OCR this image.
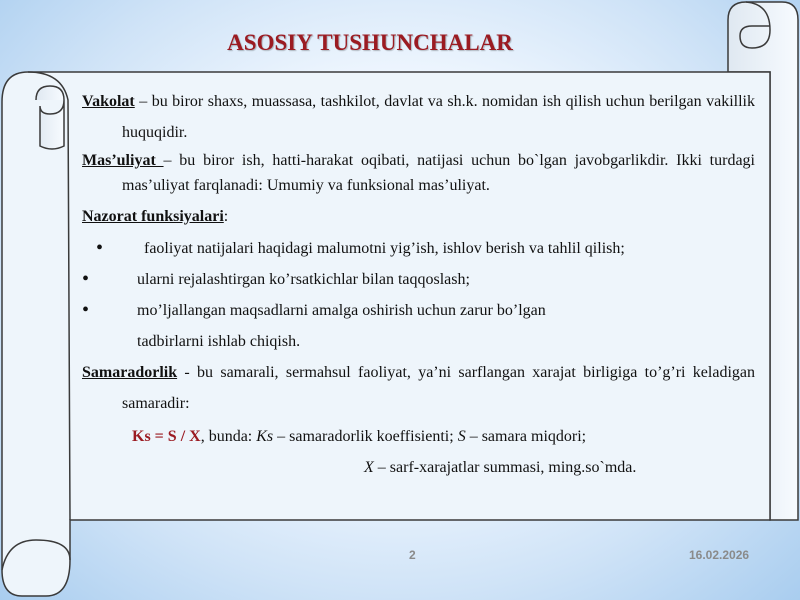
ASOSIY TUSHUNCHALAR
Vakolat – bu biror shaxs, muassasa, tashkilot, davlat va sh.k. nomidan ish qilish uchun berilgan vakillik huquqidir.
Mas’uliyat – bu biror ish, hatti-harakat oqibati, natijasi uchun bo`lgan javobgarlikdir. Ikki turdagi mas’uliyat farqlanadi: Umumiy va funksional mas’uliyat.
Nazorat funksiyalari:
•	faoliyat natijalari haqidagi malumotni yig’ish, ishlov berish va tahlil qilish;
•	ularni rejalashtirgan ko’rsatkichlar bilan taqqoslash;
•	mo’ljallangan maqsadlarni amalga oshirish uchun zarur bo’lgan
tadbirlarni ishlab chiqish.
Samaradorlik - bu samarali, sermahsul faoliyat, ya’ni sarflangan xarajat birligiga to’g’ri keladigan samaradir:
Ks = S / X, bunda: Ks – samaradorlik koeffisienti; S – samara miqdori;
X – sarf-xarajatlar summasi, ming.so`mda.
2	16.02.2026
